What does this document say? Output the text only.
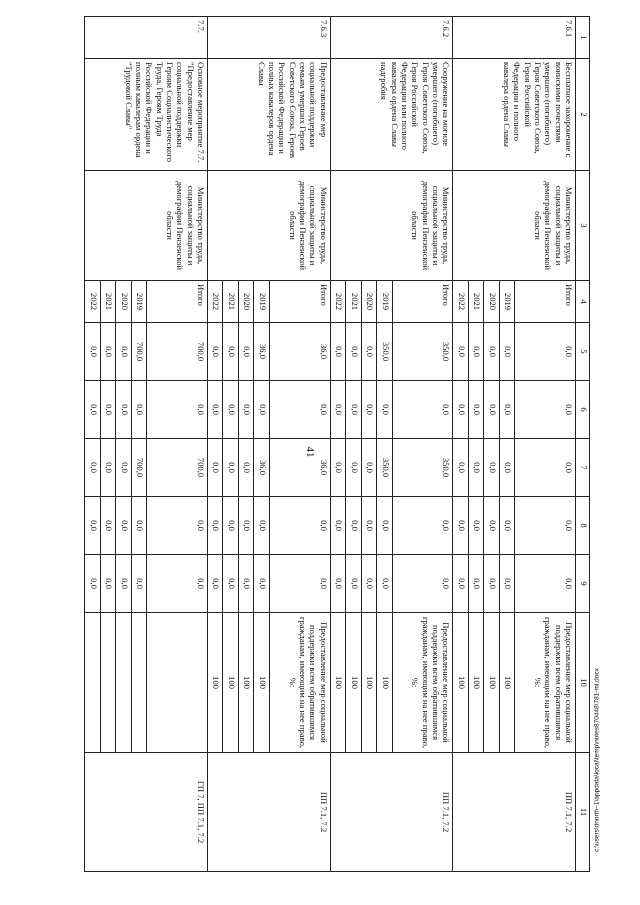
41
c:\users\dnorth~1\appdata\local\temp\notes870448\781-mi.docx
1	2	3	4	5	6	7	8	9	10	11
7.6.1	Бесплатное захоронение с воинскими почестями умершего (погибшего) Героя Советского Союза, Героя Российской Федерации и полного кавалера ордена Славы	Министерство труда, социальной защиты и демографии Пензенской области	Итого	0,0	0,0	0,0	0,0	0,0	Предоставление мер социальной поддержки всем обратившимся гражданам, имеющим на нее право, %:	ПП 7.1, 7.2
			2019	0,0	0,0	0,0	0,0	0,0	100	
			2020	0,0	0,0	0,0	0,0	0,0	100	
			2021	0,0	0,0	0,0	0,0	0,0	100	
			2022	0,0	0,0	0,0	0,0	0,0	100	
7.6.2	Сооружение на могиле умершего (погибшего) Героя Советского Союза, Героя Российской Федерации или полного кавалера ордена Славы надгробия	Министерство труда, социальной защиты и демографии Пензенской области	Итого	350,0	0,0	350,0	0,0	0,0	Предоставление мер социальной поддержки всем обратившимся гражданам, имеющим на нее право, %:	ПП 7.1, 7.2
			2019	350,0	0,0	350,0	0,0	0,0	100	
			2020	0,0	0,0	0,0	0,0	0,0	100	
			2021	0,0	0,0	0,0	0,0	0,0	100	
			2022	0,0	0,0	0,0	0,0	0,0	100	
7.6.3	Предоставление мер социальной поддержки семьям умерших Героев Советского Союза, Героев Российской Федерации и полных кавалеров ордена Славы	Министерство труда, социальной защиты и демографии Пензенской области	Итого	36,0	0,0	36,0	0,0	0,0	Предоставление мер социальной поддержки всем обратившимся гражданам, имеющим на нее право, %:	ПП 7.1, 7.2
			2019	36,0	0,0	36,0	0,0	0,0	100	
			2020	0,0	0,0	0,0	0,0	0,0	100	
			2021	0,0	0,0	0,0	0,0	0,0	100	
			2022	0,0	0,0	0,0	0,0	0,0	100	
7.7.	Основное мероприятие 7.7. "Предоставление мер социальной поддержки Героям Социалистического Труда, Героям Труда Российской Федерации и полным кавалерам ордена "Трудовой Славы"	Министерство труда, социальной защиты и демографии Пензенской области	Итого	700,0	0,0	700,0	0,0	0,0		ГП 7, ПП 7.1, 7.2
			2019	700,0	0,0	700,0	0,0	0,0		
			2020	0,0	0,0	0,0	0,0	0,0		
			2021	0,0	0,0	0,0	0,0	0,0		
			2022	0,0	0,0	0,0	0,0	0,0		
